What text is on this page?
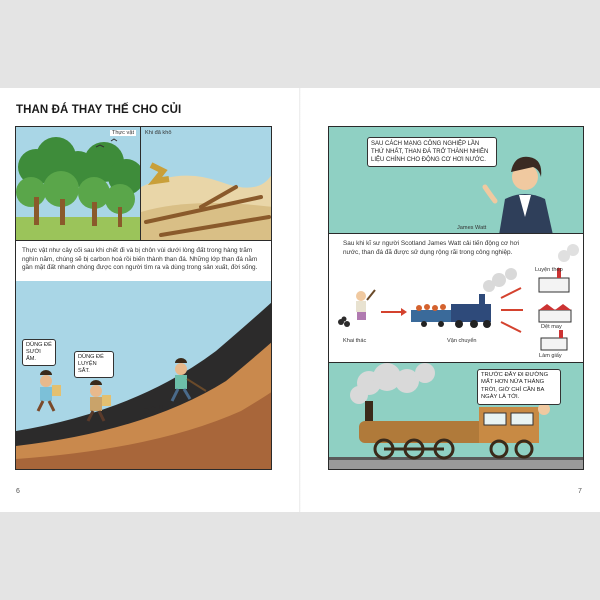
THAN ĐÁ THAY THẾ CHO CỦI
Thực vật	Khi đã khô
Thực vật như cây cối sau khi chết đi và bị chôn vùi dưới lòng đất trong hàng trăm nghìn năm, chúng sẽ bị carbon hoá rồi biến thành than đá. Những lớp than đá nằm gần mặt đất nhanh chóng được con người tìm ra và dùng trong sản xuất, đời sống.
DÙNG ĐỂ SƯỞI ẤM.	DÙNG ĐỂ LUYỆN SẮT.
6
SAU CÁCH MẠNG CÔNG NGHIỆP LẦN THỨ NHẤT, THAN ĐÁ TRỞ THÀNH NHIÊN LIỆU CHÍNH CHO ĐỘNG CƠ HƠI NƯỚC.
James Watt
Sau khi kĩ sư người Scotland James Watt cải tiến động cơ hơi nước, than đá đã được sử dụng rộng rãi trong công nghiệp.
Khai thác	Vận chuyển
Luyện thép
Dệt may
Làm giấy
TRƯỚC ĐÂY ĐI ĐƯỜNG MẤT HƠN NỬA THÁNG TRỜI, GIỜ CHỈ CẦN BA NGÀY LÀ TỚI.
7
